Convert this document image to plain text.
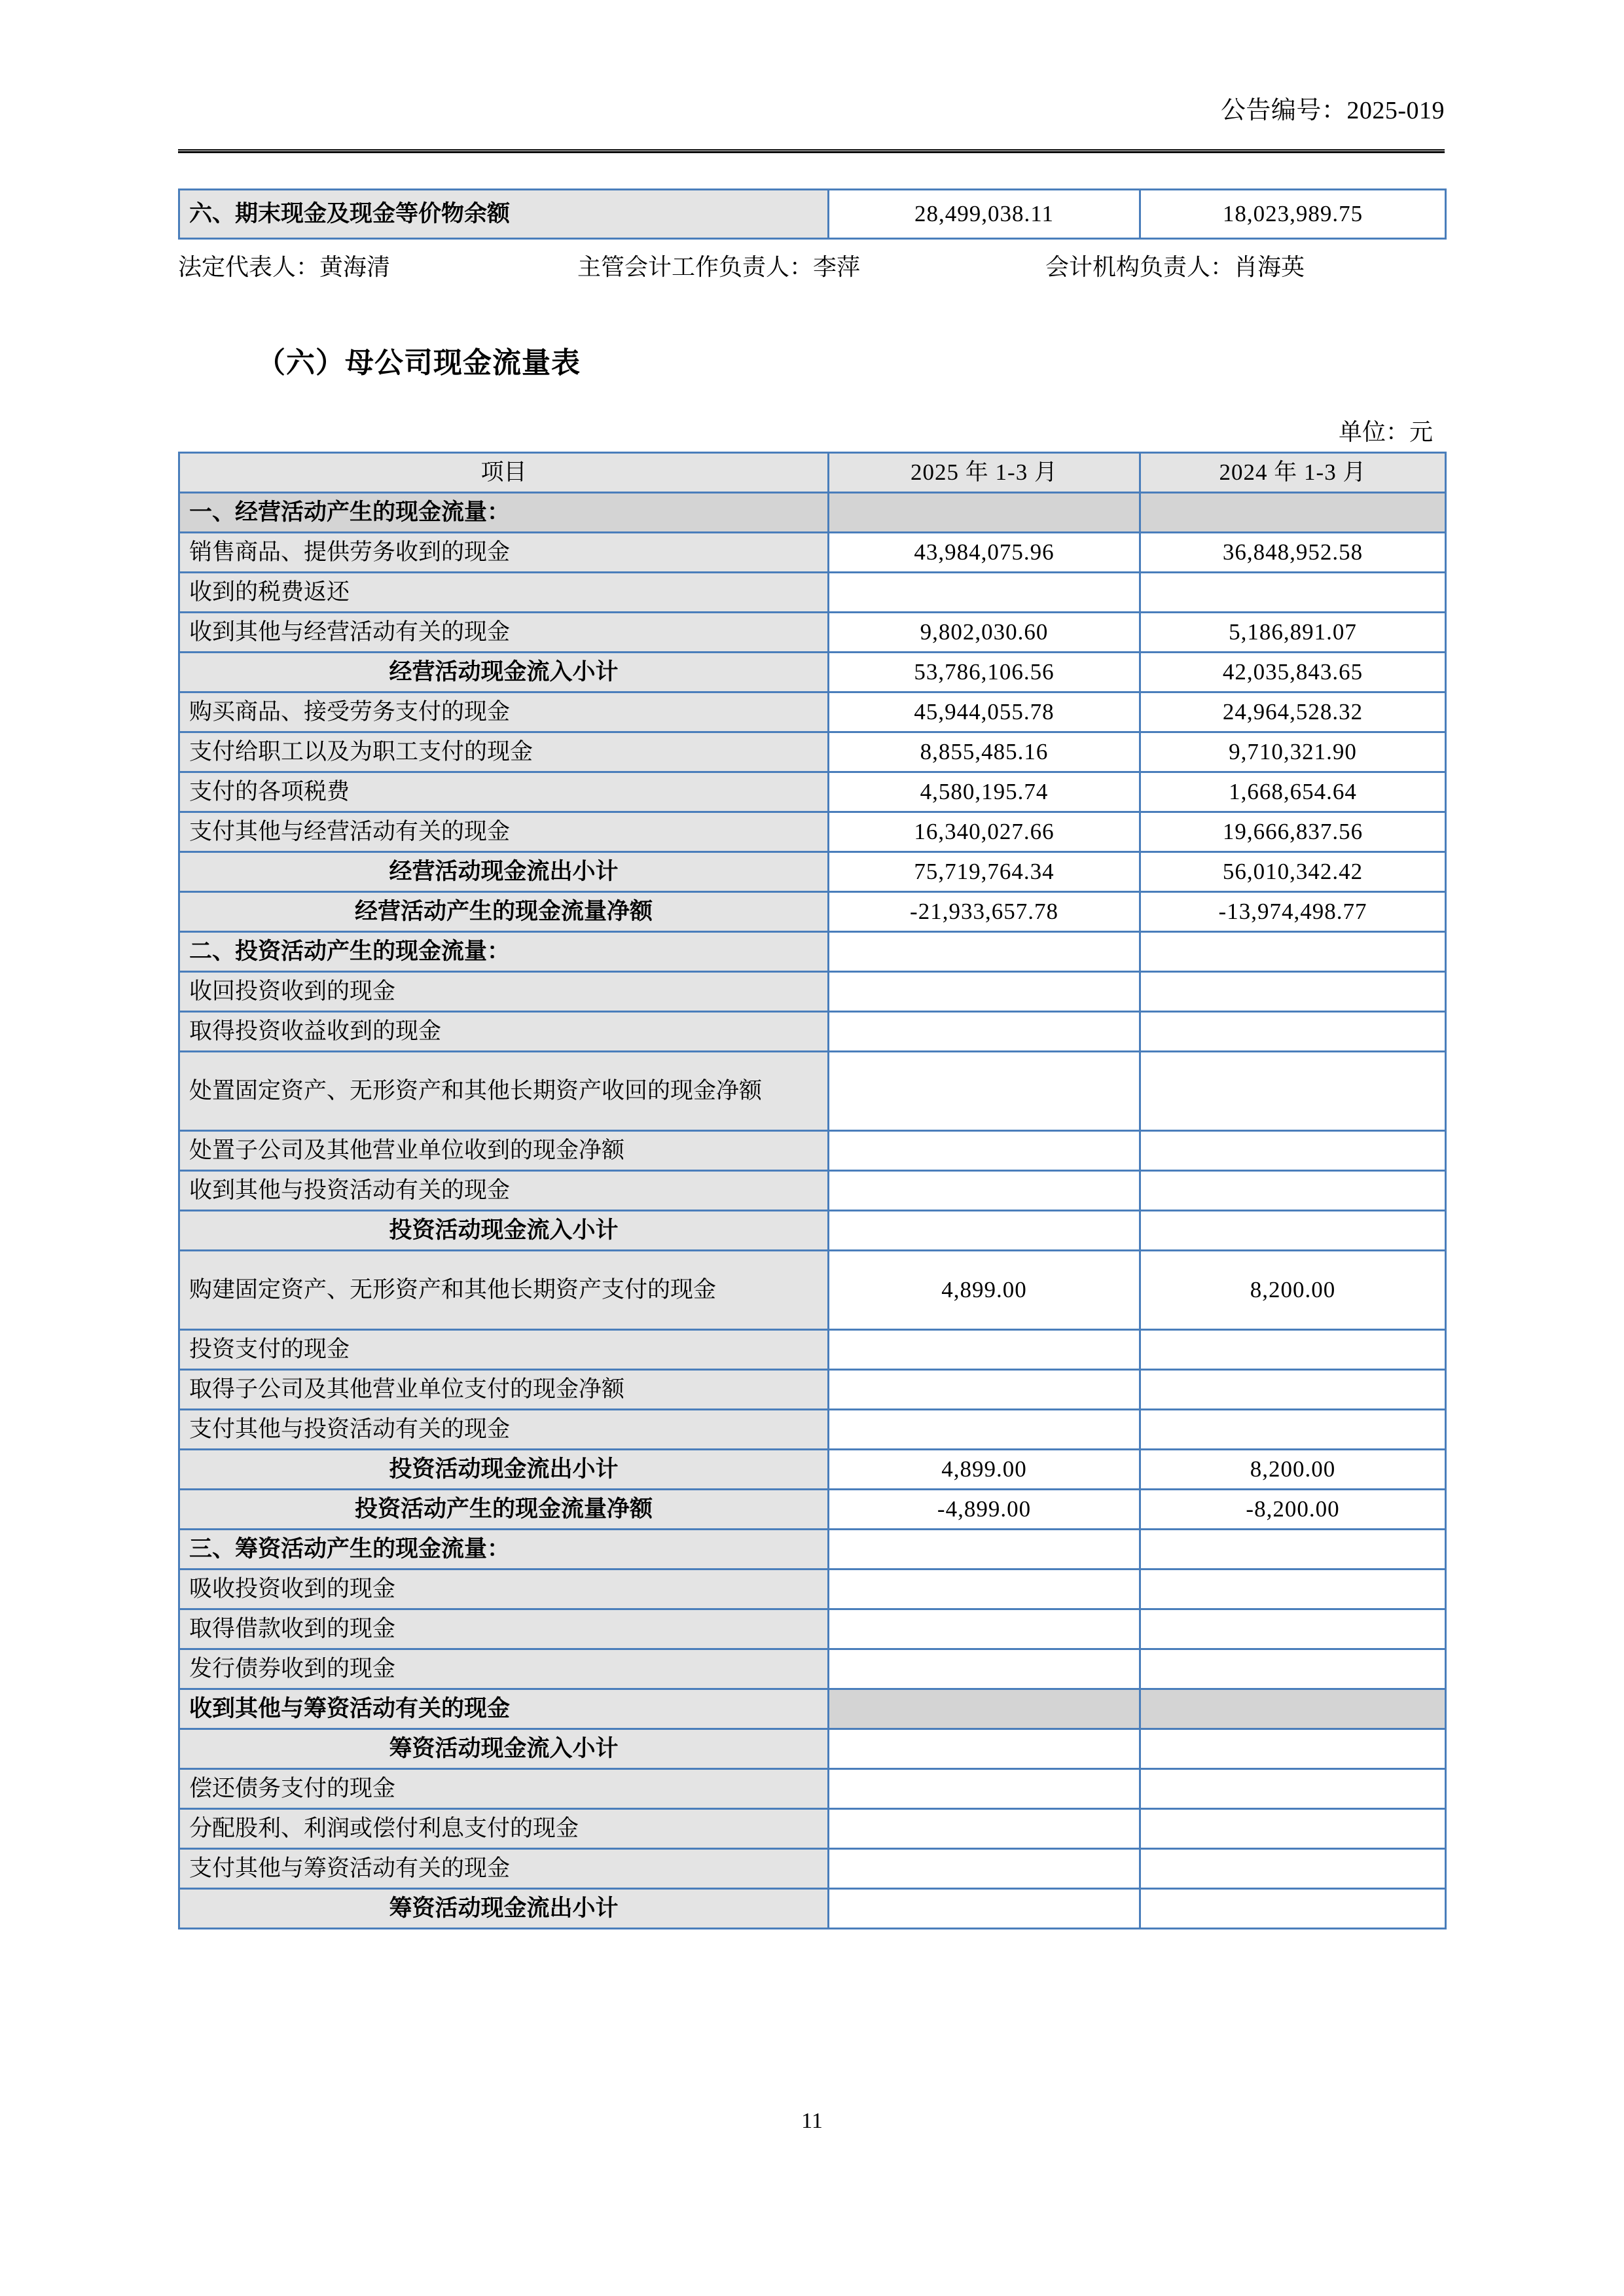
公告编号：2025-019
六、期末现金及现金等价物余额	28,499,038.11	18,023,989.75
法定代表人：黄海清	主管会计工作负责人：李萍	会计机构负责人：肖海英
（六）母公司现金流量表
单位：元
项目	2025 年 1-3 月	2024 年 1-3 月
一、经营活动产生的现金流量：		
销售商品、提供劳务收到的现金	43,984,075.96	36,848,952.58
收到的税费返还		
收到其他与经营活动有关的现金	9,802,030.60	5,186,891.07
经营活动现金流入小计	53,786,106.56	42,035,843.65
购买商品、接受劳务支付的现金	45,944,055.78	24,964,528.32
支付给职工以及为职工支付的现金	8,855,485.16	9,710,321.90
支付的各项税费	4,580,195.74	1,668,654.64
支付其他与经营活动有关的现金	16,340,027.66	19,666,837.56
经营活动现金流出小计	75,719,764.34	56,010,342.42
经营活动产生的现金流量净额	-21,933,657.78	-13,974,498.77
二、投资活动产生的现金流量：		
收回投资收到的现金		
取得投资收益收到的现金		
处置固定资产、无形资产和其他长期资产收回的现金净额		
处置子公司及其他营业单位收到的现金净额		
收到其他与投资活动有关的现金		
投资活动现金流入小计		
购建固定资产、无形资产和其他长期资产支付的现金	4,899.00	8,200.00
投资支付的现金		
取得子公司及其他营业单位支付的现金净额		
支付其他与投资活动有关的现金		
投资活动现金流出小计	4,899.00	8,200.00
投资活动产生的现金流量净额	-4,899.00	-8,200.00
三、筹资活动产生的现金流量：		
吸收投资收到的现金		
取得借款收到的现金		
发行债券收到的现金		
收到其他与筹资活动有关的现金		
筹资活动现金流入小计		
偿还债务支付的现金		
分配股利、利润或偿付利息支付的现金		
支付其他与筹资活动有关的现金		
筹资活动现金流出小计		
11
